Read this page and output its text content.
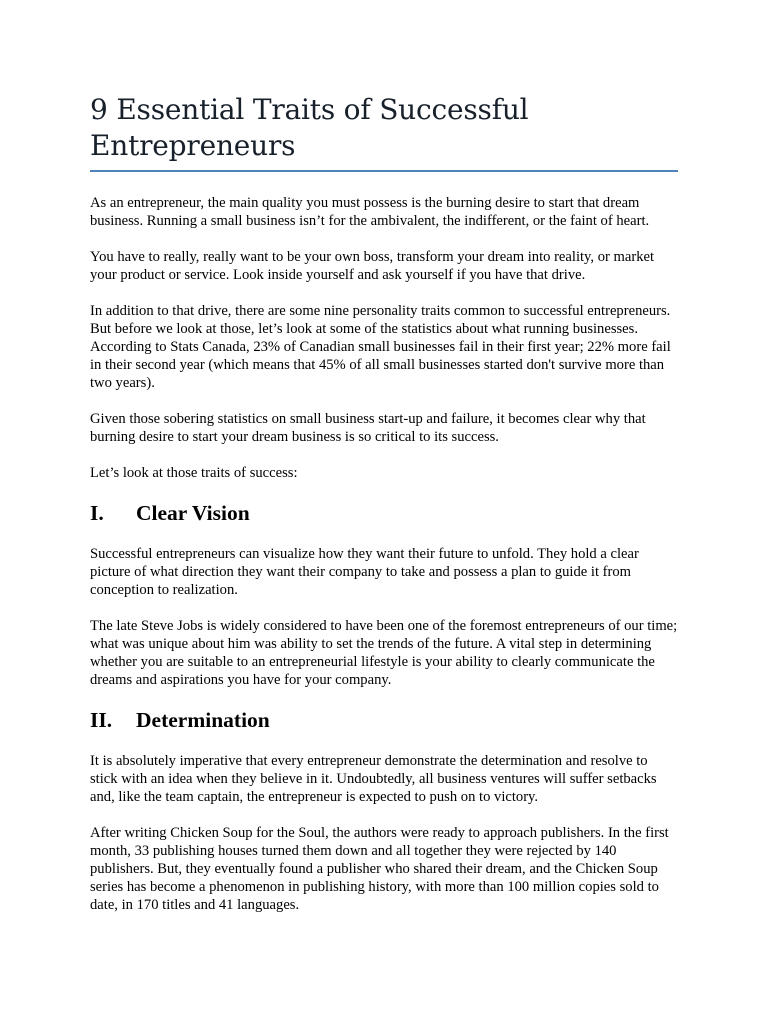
9 Essential Traits of Successful Entrepreneurs

As an entrepreneur, the main quality you must possess is the burning desire to start that dream business. Running a small business isn’t for the ambivalent, the indifferent, or the faint of heart.

You have to really, really want to be your own boss, transform your dream into reality, or market your product or service. Look inside yourself and ask yourself if you have that drive.

In addition to that drive, there are some nine personality traits common to successful entrepreneurs. But before we look at those, let’s look at some of the statistics about what running businesses. According to Stats Canada, 23% of Canadian small businesses fail in their first year; 22% more fail in their second year (which means that 45% of all small businesses started don't survive more than two years).

Given those sobering statistics on small business start-up and failure, it becomes clear why that burning desire to start your dream business is so critical to its success.

Let’s look at those traits of success:

I.	Clear Vision

Successful entrepreneurs can visualize how they want their future to unfold. They hold a clear picture of what direction they want their company to take and possess a plan to guide it from conception to realization.

The late Steve Jobs is widely considered to have been one of the foremost entrepreneurs of our time; what was unique about him was ability to set the trends of the future. A vital step in determining whether you are suitable to an entrepreneurial lifestyle is your ability to clearly communicate the dreams and aspirations you have for your company.

II.	Determination

It is absolutely imperative that every entrepreneur demonstrate the determination and resolve to stick with an idea when they believe in it. Undoubtedly, all business ventures will suffer setbacks and, like the team captain, the entrepreneur is expected to push on to victory.

After writing Chicken Soup for the Soul, the authors were ready to approach publishers. In the first month, 33 publishing houses turned them down and all together they were rejected by 140 publishers. But, they eventually found a publisher who shared their dream, and the Chicken Soup series has become a phenomenon in publishing history, with more than 100 million copies sold to date, in 170 titles and 41 languages.
